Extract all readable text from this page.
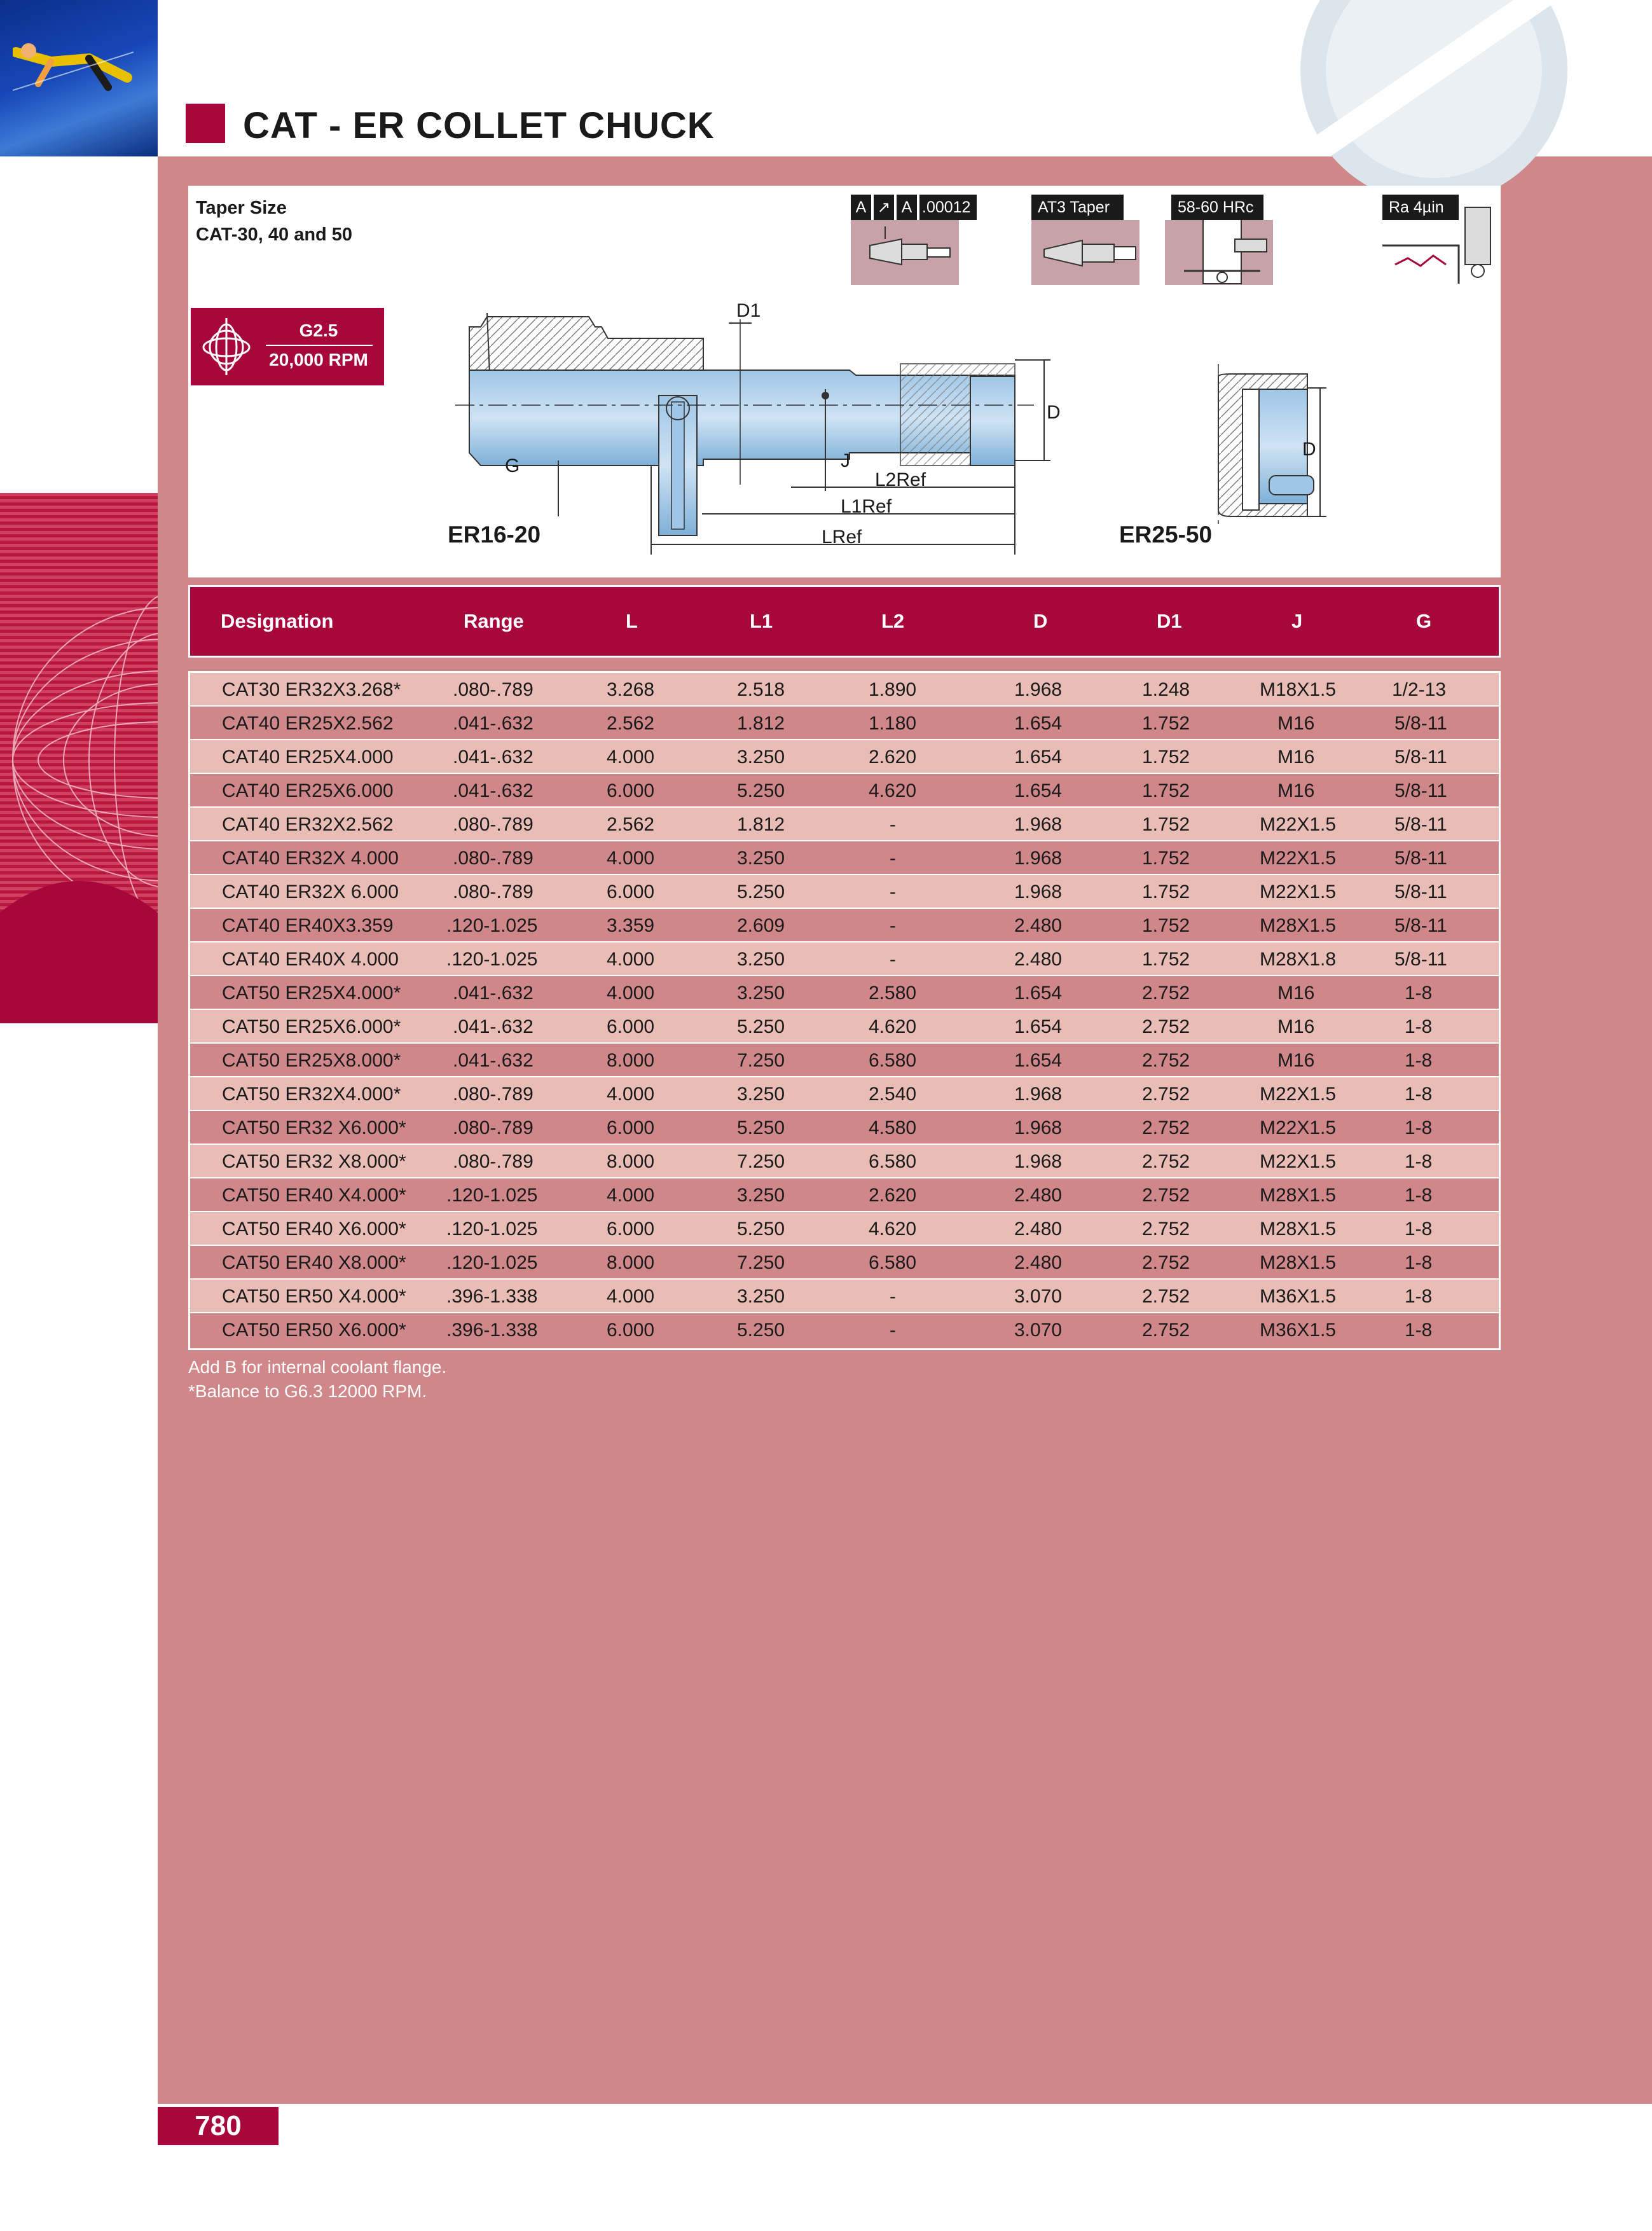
CAT - ER COLLET CHUCK
Taper Size
CAT-30, 40 and 50
G2.5
20,000 RPM
A ↗ A .00012	AT3 Taper	58-60 HRc	Ra 4µin
D1
D
G	J
L2Ref
L1Ref
LRef
D
ER16-20	ER25-50
Designation	Range	L	L1	L2	D	D1	J	G
CAT30 ER32X3.268*	.080-.789	3.268	2.518	1.890	1.968	1.248	M18X1.5	1/2-13
CAT40 ER25X2.562	.041-.632	2.562	1.812	1.180	1.654	1.752	M16	5/8-11
CAT40 ER25X4.000	.041-.632	4.000	3.250	2.620	1.654	1.752	M16	5/8-11
CAT40 ER25X6.000	.041-.632	6.000	5.250	4.620	1.654	1.752	M16	5/8-11
CAT40 ER32X2.562	.080-.789	2.562	1.812	-	1.968	1.752	M22X1.5	5/8-11
CAT40 ER32X 4.000	.080-.789	4.000	3.250	-	1.968	1.752	M22X1.5	5/8-11
CAT40 ER32X 6.000	.080-.789	6.000	5.250	-	1.968	1.752	M22X1.5	5/8-11
CAT40 ER40X3.359	.120-1.025	3.359	2.609	-	2.480	1.752	M28X1.5	5/8-11
CAT40 ER40X 4.000	.120-1.025	4.000	3.250	-	2.480	1.752	M28X1.8	5/8-11
CAT50 ER25X4.000*	.041-.632	4.000	3.250	2.580	1.654	2.752	M16	1-8
CAT50 ER25X6.000*	.041-.632	6.000	5.250	4.620	1.654	2.752	M16	1-8
CAT50 ER25X8.000*	.041-.632	8.000	7.250	6.580	1.654	2.752	M16	1-8
CAT50 ER32X4.000*	.080-.789	4.000	3.250	2.540	1.968	2.752	M22X1.5	1-8
CAT50 ER32 X6.000* .080-.789	6.000	5.250	4.580	1.968	2.752	M22X1.5	1-8
CAT50 ER32 X8.000* .080-.789	8.000	7.250	6.580	1.968	2.752	M22X1.5	1-8
CAT50 ER40 X4.000* .120-1.025	4.000	3.250	2.620	2.480	2.752	M28X1.5	1-8
CAT50 ER40 X6.000* .120-1.025	6.000	5.250	4.620	2.480	2.752	M28X1.5	1-8
CAT50 ER40 X8.000* .120-1.025	8.000	7.250	6.580	2.480	2.752	M28X1.5	1-8
CAT50 ER50 X4.000* .396-1.338	4.000	3.250	-	3.070	2.752	M36X1.5	1-8
CAT50 ER50 X6.000* .396-1.338	6.000	5.250	-	3.070	2.752	M36X1.5	1-8
Add B for internal coolant flange.
*Balance to G6.3 12000 RPM.
780
